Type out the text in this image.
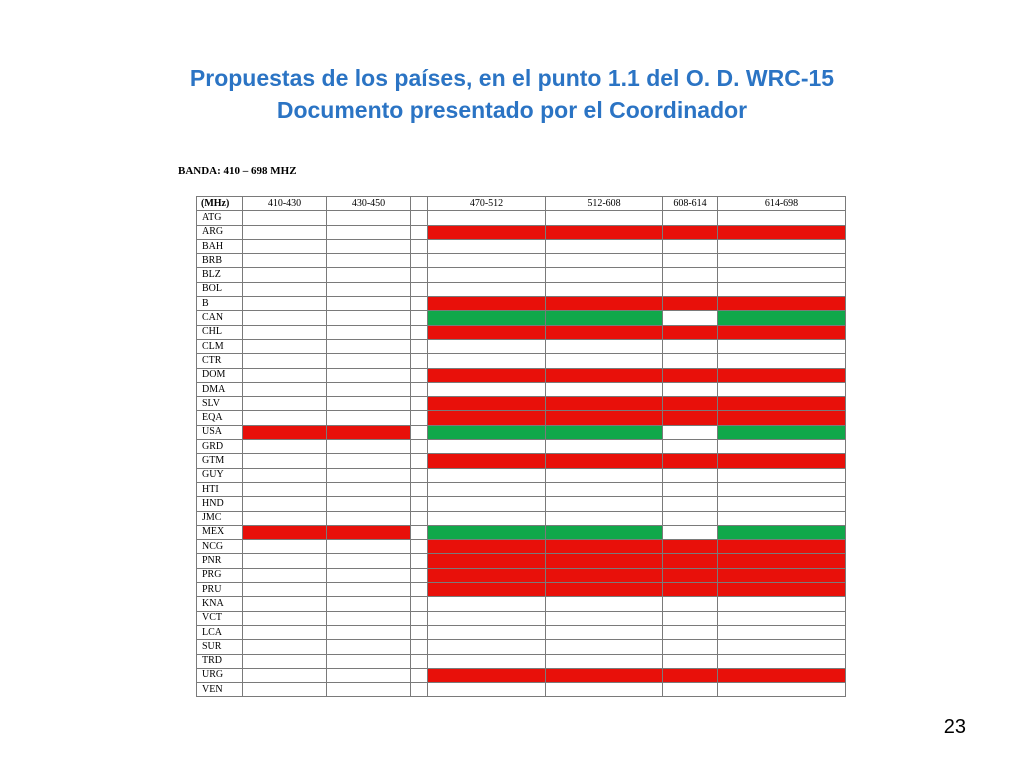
Propuestas de los países, en el punto 1.1 del O. D. WRC-15
Documento presentado por el Coordinador
BANDA: 410 – 698 MHZ
(MHz)	410-430	430-450		470-512	512-608	608-614	614-698
ATG							
ARG							
BAH							
BRB							
BLZ							
BOL							
B							
CAN							
CHL							
CLM							
CTR							
DOM							
DMA							
SLV							
EQA							
USA							
GRD							
GTM							
GUY							
HTI							
HND							
JMC							
MEX							
NCG							
PNR							
PRG							
PRU							
KNA							
VCT							
LCA							
SUR							
TRD							
URG							
VEN							
23
